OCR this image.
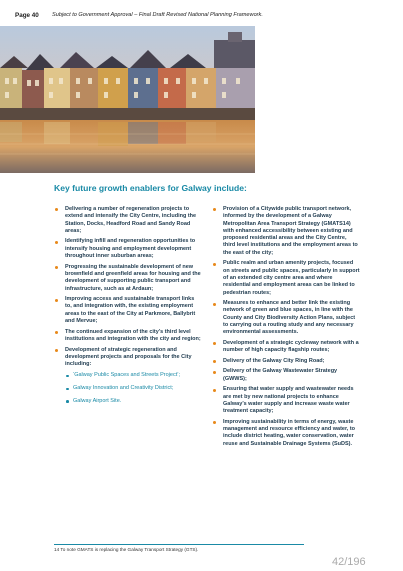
Page 40 Subject to Government Approval – Final Draft Revised National Planning Framework.
Key future growth enablers for Galway include:
Delivering a number of regeneration projects to extend and intensify the City Centre, including the Station, Docks, Headford Road and Sandy Road areas;
Identifying infill and regeneration opportunities to intensify housing and employment development throughout inner suburban areas;
Progressing the sustainable development of new brownfield and greenfield areas for housing and the development of supporting public transport and infrastructure, such as at Ardaun;
Improving access and sustainable transport links to, and integration with, the existing employment areas to the east of the City at Parkmore, Ballybrit and Mervue;
The continued expansion of the city’s third level institutions and integration with the city and region;
Development of strategic regeneration and development projects and proposals for the City including:
‘Galway Public Spaces and Streets Project’;
Galway Innovation and Creativity District;
Galway Airport Site.
Provision of a Citywide public transport network, informed by the development of a Galway Metropolitan Area Transport Strategy (GMATS14) with enhanced accessibility between existing and proposed residential areas and the City Centre, third level institutions and the employment areas to the east of the city;
Public realm and urban amenity projects, focused on streets and public spaces, particularly in support of an extended city centre area and where residential and employment areas can be linked to pedestrian routes;
Measures to enhance and better link the existing network of green and blue spaces, in line with the County and City Biodiversity Action Plans, subject to carrying out a routing study and any necessary environmental assessments.
Development of a strategic cycleway network with a number of high capacity flagship routes;
Delivery of the Galway City Ring Road;
Delivery of the Galway Wastewater Strategy (GWWS);
Ensuring that water supply and wastewater needs are met by new national projects to enhance Galway’s water supply and increase waste water treatment capacity;
Improving sustainability in terms of energy, waste management and resource efficiency and water, to include district heating, water conservation, water reuse and Sustainable Drainage Systems (SuDS).
14 To note GMATS is replacing the Galway Transport Strategy (GTS).
42/196
